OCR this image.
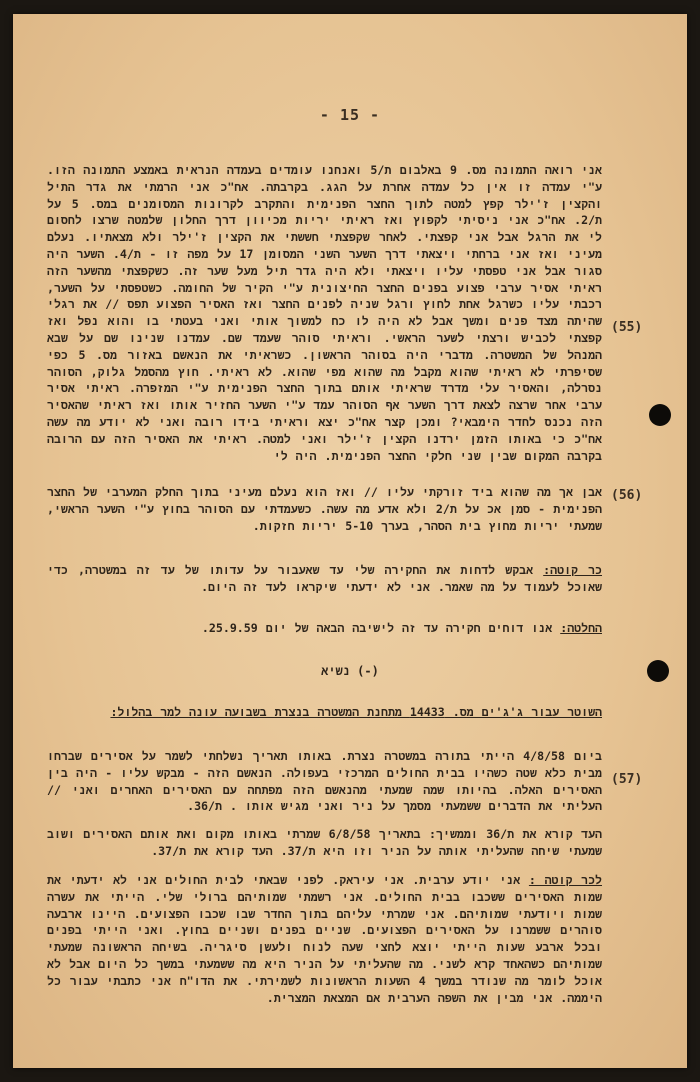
- 15 -

אני רואה התמונה מס. 9 באלבום ת/5 ואנחנו עומדים בעמדה הנראית באמצע התמונה הזו. ע"י עמדה זו אין כל עמדה אחרת על הגג. בקרבתה. אח"כ אני הרמתי את גדר התיל והקצין ז'ילר קפץ למטה לתוך החצר הפנימית והתקרב לקרונות המסומנים במס. 5 על ת/2. אח"כ אני ניסיתי לקפוץ ואז ראיתי יריות מכיוון דרך החלון שלמטה שרצו לחסום לי את הרגל אבל אני קפצתי. לאחר שקפצתי חששתי את הקצין ז'ילר ולא מצאתיו. נעלם מעיני ואז אני ברחתי ויצאתי דרך השער השני המסומן 17 על מפה זו - ת/4. השער היה סגור אבל אני טפסתי עליו ויצאתי ולא היה גדר תיל מעל שער זה. כשקפצתי מהשער הזה ראיתי אסיר ערבי פצוע בפנים החצר החיצונית ע"י הקיר של החומה. כשטפסתי על השער, רכבתי עליו כשרגל אחת לחוץ ורגל שניה לפנים החצר ואז האסיר הפצוע תפס // את רגלי שהיתה מצד פנים ומשך אבל לא היה לו כח למשוך אותי ואני בעטתי בו והוא נפל ואז קפצתי לכביש ורצתי לשער הראשי. וראיתי סוהר שעמד שם. עמדנו שנינו שם על שבא המנהל של המשטרה. מדברי היה בסוהר הראשון. כשראיתי את הנאשם באזור מס. 5 כפי שסיפרתי לא ראיתי שהוא מקבל מה שהוא מפי שהוא. לא ראיתי. חוץ מהסמל גלוק, הסוהר נסרלה, והאסיר עלי מדרד שראיתי אותם בתוך החצר הפנימית ע"י המזפרה. ראיתי אסיר ערבי אחר שרצה לצאת דרך השער אף הסוהר עמד ע"י השער החזיר אותו ואז ראיתי שהאסיר הזה נכנס לחדר הימבאי? ומכן קצר אח"כ יצא וראיתי בידו רובה ואני לא יודע מה עשה אח"כ כי באותו הזמן ירדנו הקצין ז'ילר ואני למטה. ראיתי את האסיר הזה עם הרובה בקרבה המקום שבין שני חלקי החצר הפנימית. היה לי

(55)

אבן אך מה שהוא ביד זורקתי עליו // ואז הוא נעלם מעיני בתוך החלק המערבי של החצר הפנימית - סמן אכ על ת/2 ולא אדע מה עשה. כשעמדתי עם הסוהר בחוץ ע"י השער הראשי, שמעתי יריות מחוץ בית הסהר, בערך 5-10 יריות חזקות.

(56)

כר קוטה: אבקש לדחות את החקירה שלי עד שאעבור על עדותו של עד זה במשטרה, כדי שאוכל לעמוד על מה שאמר. אני לא ידעתי שיקראו לעד זה היום.

החלטה: אנו דוחים חקירה עד זה לישיבה הבאה של יום 25.9.59.

(-) נשיא

השוטר עבור ג'ג'ים מס. 14433 מתחנת המשטרה בנצרת בשבועה עונה למר בהלול:

ביום 4/8/58 הייתי בתורה במשטרה נצרת. באותו תאריך נשלחתי לשמר על אסירים שברחו מבית כלא שטה כשהיו בבית החולים המרכזי בעפולה. הנאשם הזה - מבקש עליו - היה בין האסירים האלה. בהיותו שמה שמעתי מהנאשם הזה מפתחה עם האסירים האחרים ואני // העליתי את הדברים ששמעתי מסמך על ניר ואני מגיש אותו . ת/36.

(57)

העד קורא את ת/36 וממשיך: בתאריך 6/8/58 שמרתי באותו מקום ואת אותם האסירים ושוב שמעתי שיחה שהעליתי אותה על הניר וזו היא ת/37. העד קורא את ת/37.

לכר קוטה : אני יודע ערבית. אני עיראק. לפני שבאתי לבית החולים אני לא ידעתי את שמות האסירים ששכבו בבית החולים. אני רשמתי שמותיהם ברולי שלי. הייתי את עשרה שמות ויודעתי שמותיהם. אני שמרתי עליהם בתוך החדר שבו שכבו הפצועים. היינו ארבעה סוהרים ששמרנו על האסירים הפצועים. שניים בפנים ושניים בחוץ. ואני הייתי בפנים ובכל ארבע שעות הייתי יוצא לחצי שעה לנוח ולעשן סיגריה. בשיחה הראשונה שמעתי שמותיהם כשהאחד קרא לשני. מה שהעליתי על הניר היא מה ששמעתי במשך כל היום אבל לא אוכל לומר מה שנודר במשך 4 השעות הראשונות לשמירתי. את הדו"ח אני כתבתי עבור כל היממה. אני מבין את השפה הערבית אם המצאת המצרית.
